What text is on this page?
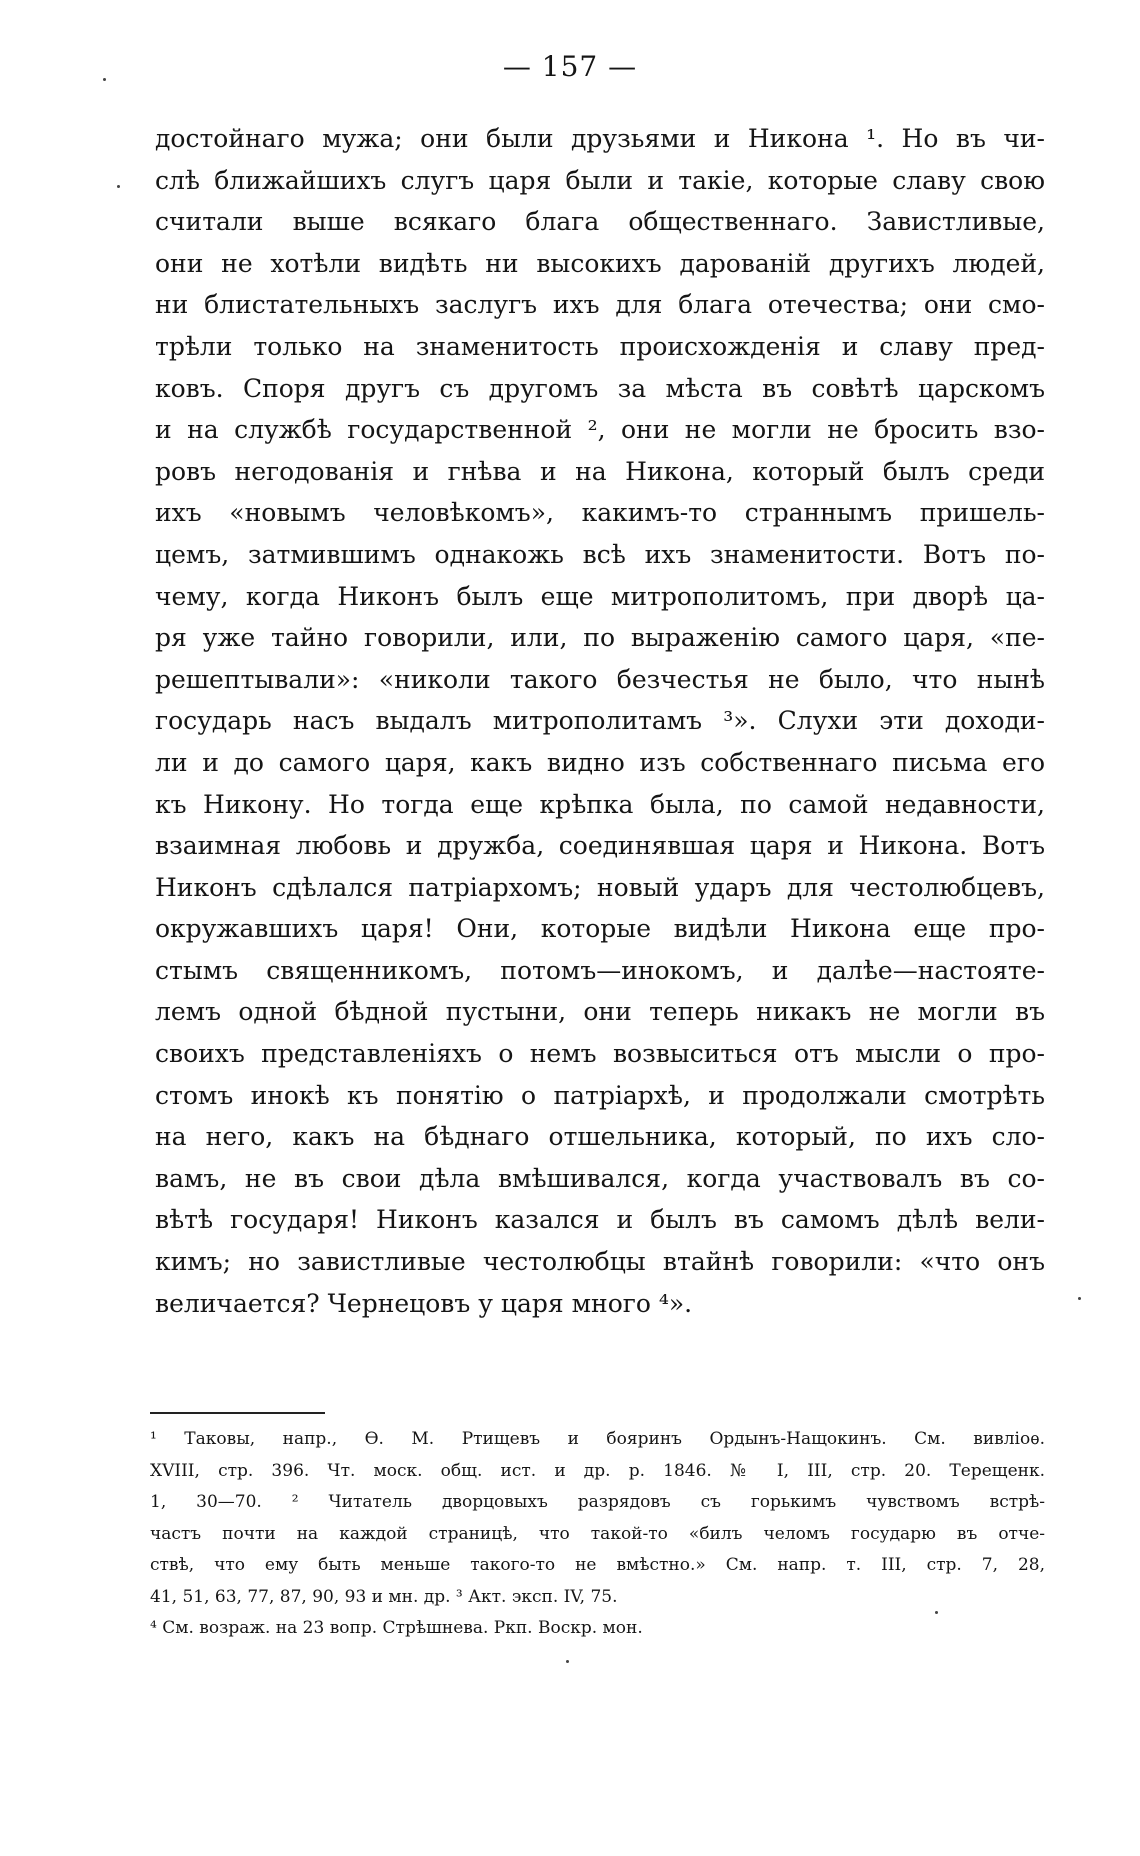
— 157 —
достойнаго мужа; они были друзьями и Никона ¹. Но въ чи-
слѣ ближайшихъ слугъ царя были и такіе, которые славу свою
считали выше всякаго блага общественнаго. Завистливые,
они не хотѣли видѣть ни высокихъ дарованій другихъ людей,
ни блистательныхъ заслугъ ихъ для блага отечества; они смо-
трѣли только на знаменитость происхожденія и славу пред-
ковъ. Споря другъ съ другомъ за мѣста въ совѣтѣ царскомъ
и на службѣ государственной ², они не могли не бросить взо-
ровъ негодованія и гнѣва и на Никона, который былъ среди
ихъ «новымъ человѣкомъ», какимъ-то страннымъ пришель-
цемъ, затмившимъ однакожь всѣ ихъ знаменитости. Вотъ по-
чему, когда Никонъ былъ еще митрополитомъ, при дворѣ ца-
ря уже тайно говорили, или, по выраженію самого царя, «пе-
решептывали»: «николи такого безчестья не было, что нынѣ
государь насъ выдалъ митрополитамъ ³». Слухи эти доходи-
ли и до самого царя, какъ видно изъ собственнаго письма его
къ Никону. Но тогда еще крѣпка была, по самой недавности,
взаимная любовь и дружба, соединявшая царя и Никона. Вотъ
Никонъ сдѣлался патріархомъ; новый ударъ для честолюбцевъ,
окружавшихъ царя! Они, которые видѣли Никона еще про-
стымъ священникомъ, потомъ—инокомъ, и далѣе—настояте-
лемъ одной бѣдной пустыни, они теперь никакъ не могли въ
своихъ представленіяхъ о немъ возвыситься отъ мысли о про-
стомъ инокѣ къ понятію о патріархѣ, и продолжали смотрѣть
на него, какъ на бѣднаго отшельника, который, по ихъ сло-
вамъ, не въ свои дѣла вмѣшивался, когда участвовалъ въ со-
вѣтѣ государя! Никонъ казался и былъ въ самомъ дѣлѣ вели-
кимъ; но завистливые честолюбцы втайнѣ говорили: «что онъ
величается? Чернецовъ у царя много ⁴».
¹ Таковы, напр., Ѳ. М. Ртищевъ и бояринъ Ордынъ-Нащокинъ. См. вивліоѳ.
XVIII, стр. 396. Чт. моск. общ. ист. и др. р. 1846. № I, III, стр. 20. Терещенк.
1, 30—70. ² Читатель дворцовыхъ разрядовъ съ горькимъ чувствомъ встрѣ-
частъ почти на каждой страницѣ, что такой-то «билъ челомъ государю въ отче-
ствѣ, что ему быть меньше такого-то не вмѣстно.» См. напр. т. III, стр. 7, 28,
41, 51, 63, 77, 87, 90, 93 и мн. др. ³ Акт. эксп. IV, 75.
⁴ См. возраж. на 23 вопр. Стрѣшнева. Ркп. Воскр. мон.
